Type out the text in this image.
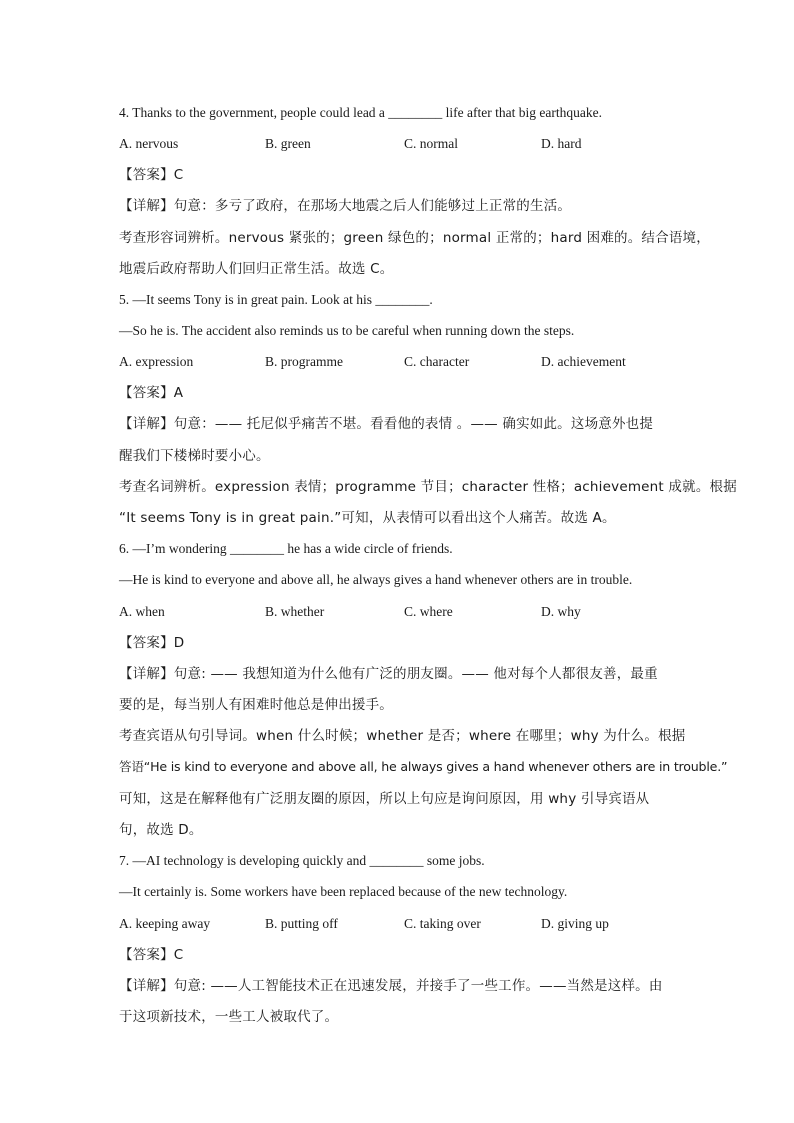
4. Thanks to the government, people could lead a ________ life after that big earthquake.
A. nervous	B. green	C. normal	D. hard
【答案】C
【详解】句意：多亏了政府，在那场大地震之后人们能够过上正常的生活。
考查形容词辨析。nervous 紧张的；green 绿色的；normal 正常的；hard 困难的。结合语境，
地震后政府帮助人们回归正常生活。故选 C。
5. —It seems Tony is in great pain. Look at his ________.
—So he is. The accident also reminds us to be careful when running down the steps.
A. expression	B. programme	C. character	D. achievement
【答案】A
【详解】句意：—— 托尼似乎痛苦不堪。看看他的表情 。—— 确实如此。这场意外也提
醒我们下楼梯时要小心。
考查名词辨析。expression 表情；programme 节目；character 性格；achievement 成就。根据
“It seems Tony is in great pain.”可知，从表情可以看出这个人痛苦。故选 A。
6. —I’m wondering ________ he has a wide circle of friends.
—He is kind to everyone and above all, he always gives a hand whenever others are in trouble.
A. when	B. whether	C. where	D. why
【答案】D
【详解】句意: —— 我想知道为什么他有广泛的朋友圈。—— 他对每个人都很友善，最重
要的是，每当别人有困难时他总是伸出援手。
考查宾语从句引导词。when 什么时候；whether 是否；where 在哪里；why 为什么。根据
答语“He is kind to everyone and above all, he always gives a hand whenever others are in trouble.”
可知，这是在解释他有广泛朋友圈的原因，所以上句应是询问原因，用 why 引导宾语从
句，故选 D。
7. —AI technology is developing quickly and ________ some jobs.
—It certainly is. Some workers have been replaced because of the new technology.
A. keeping away	B. putting off	C. taking over	D. giving up
【答案】C
【详解】句意: ——人工智能技术正在迅速发展，并接手了一些工作。——当然是这样。由
于这项新技术，一些工人被取代了。
